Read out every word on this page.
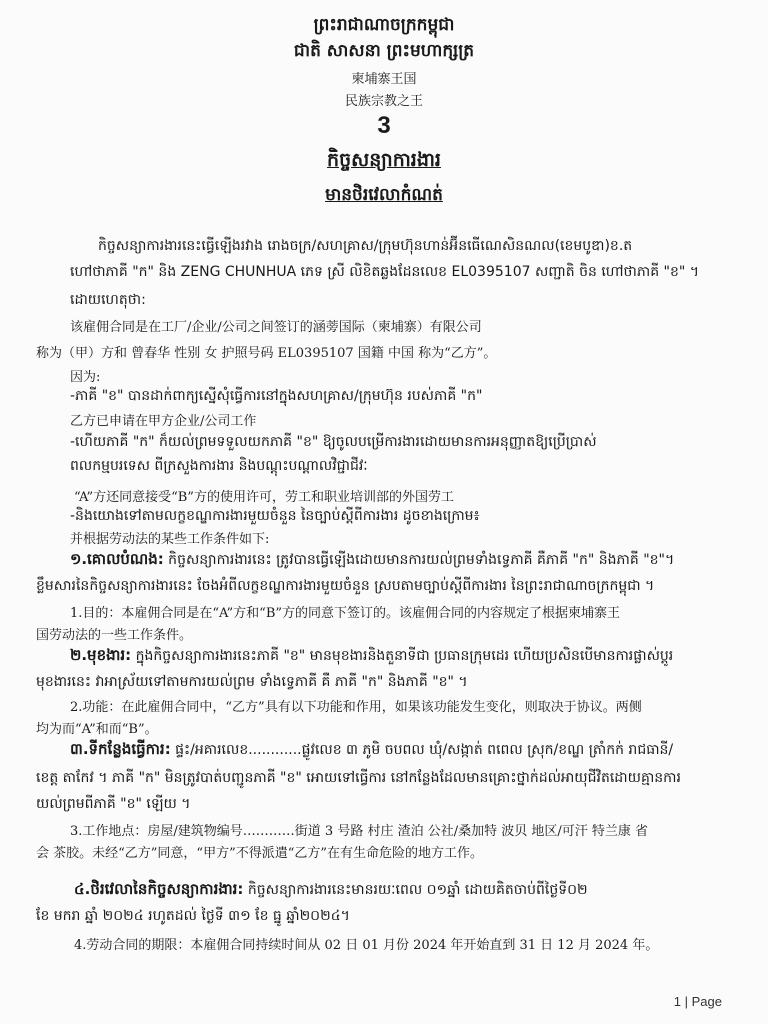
ព្រះរាជាណាចក្រកម្ពុជា
ជាតិ សាសនា ព្រះមហាក្សត្រ
柬埔寨王国
民族宗教之王
3
កិច្ចសន្យាការងារ
មានថិរវេលាកំណត់
កិច្ចសន្យាការងារនេះធ្វើឡើងរវាង រោងចក្រ/សហគ្រាស/ក្រុមហ៊ុនហាន់អ៊ីនធើណេសិនណល(ខេមបូឌា)ខ.ត
ហៅថាភាគី "ក" និង ZENG CHUNHUA ភេទ ស្រី លិខិតឆ្លងដែនលេខ EL0395107 សញ្ជាតិ ចិន ហៅថាភាគី "ខ" ។
ដោយហេតុថា:
该雇佣合同是在工厂/企业/公司之间签订的涵蒡国际（柬埔寨）有限公司
称为（甲）方和 曾春华 性别 女 护照号码 EL0395107 国籍 中国 称为“乙方”。
因为:
-ភាគី "ខ" បានដាក់ពាក្យស្នើសុំធ្វើការនៅក្នុងសហគ្រាស/ក្រុមហ៊ុន របស់ភាគី "ក"
乙方已申请在甲方企业/公司工作
-ហើយភាគី "ក" ក៏យល់ព្រមទទួលយកភាគី "ខ" ឱ្យចូលបម្រើការងារដោយមានការអនុញ្ញាតឱ្យប្រើប្រាស់
ពលកម្មបរទេស ពីក្រសួងការងារ និងបណ្តុះបណ្តាលវិជ្ជាជីវៈ
“A”方还同意接受“B”方的使用许可，劳工和职业培训部的外国劳工
-និងយោងទៅតាមលក្ខខណ្ឌការងារមួយចំនួន នៃច្បាប់ស្តីពីការងារ ដូចខាងក្រោម៖
并根据劳动法的某些工作条件如下:
១.គោលបំណង: កិច្ចសន្យាការងារនេះ ត្រូវបានធ្វើឡើងដោយមានការយល់ព្រមទាំងទ្វេភាគី គឺភាគី "ក" និងភាគី "ខ"។
ខ្លឹមសារនៃកិច្ចសន្យាការងារនេះ ចែងអំពីលក្ខខណ្ឌការងារមួយចំនួន ស្របតាមច្បាប់ស្តីពីការងារ នៃព្រះរាជាណាចក្រកម្ពុជា ។
1.目的：本雇佣合同是在“A”方和“B”方的同意下签订的。该雇佣合同的内容规定了根据柬埔寨王
国劳动法的一些工作条件。
២.មុខងារ: ក្នុងកិច្ចសន្យាការងារនេះភាគី "ខ" មានមុខងារនិងតួនាទីជា ប្រធានក្រុមដេរ ហើយប្រសិនបើមានការផ្លាស់ប្តូរ
មុខងារនេះ វាអាស្រ័យទៅតាមការយល់ព្រម ទាំងទ្វេភាគី គឺ ភាគី "ក" និងភាគី "ខ" ។
2.功能：在此雇佣合同中，“乙方”具有以下功能和作用，如果该功能发生变化，则取决于协议。两侧
均为而“A”和而“B”。
៣.ទីកន្លែងធ្វើការ: ផ្ទះ/អគារលេខ............ផ្លូវលេខ ៣ ភូមិ ចបពល ឃុំ/សង្កាត់ ពពេល ស្រុក/ខណ្ឌ ត្រាំកក់ រាជធានី/
ខេត្ត តាកែវ ។ ភាគី "ក" មិនត្រូវបាត់បញ្ជូនភាគី "ខ" អោយទៅធ្វើការ នៅកន្លែងដែលមានគ្រោះថ្នាក់ដល់អាយុជីវិតដោយគ្មានការ
យល់ព្រមពីភាគី "ខ" ឡើយ ។
3.工作地点：房屋/建筑物编号…………街道 3 号路 村庄 渣泊 公社/桑加特 波贝 地区/可汗 特兰康 省
会 茶胶。未经“乙方”同意，“甲方”不得派遣“乙方”在有生命危险的地方工作。
៤.ថិរវេលានៃកិច្ចសន្យាការងារ: កិច្ចសន្យាការងារនេះមានរយៈពេល ០១ឆ្នាំ ដោយគិតចាប់ពីថ្ងៃទី០២
ខែ មករា ឆ្នាំ ២០២៤ រហូតដល់ ថ្ងៃទី ៣១ ខែ ធ្នូ ឆ្នាំ២០២៤។
4.劳动合同的期限：本雇佣合同持续时间从 02 日 01 月份 2024 年开始直到 31 日 12 月 2024 年。
1 | Page
